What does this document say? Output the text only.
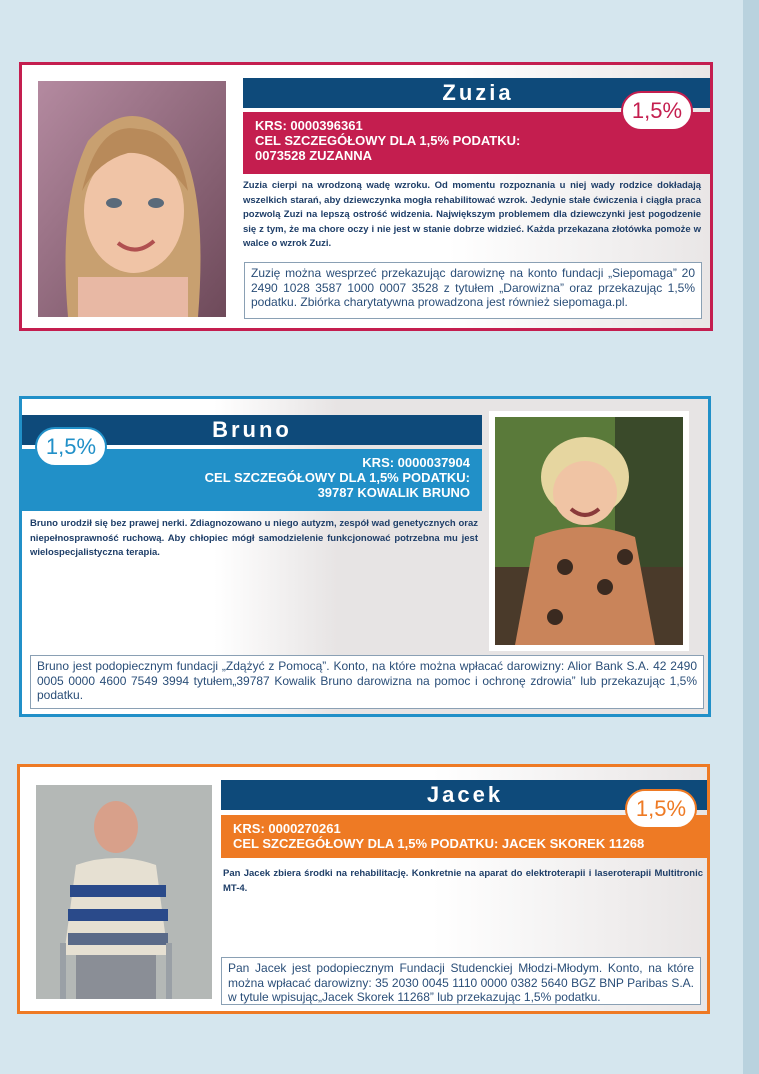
Zuzia
KRS: 0000396361
CEL SZCZEGÓŁOWY DLA 1,5% PODATKU:
0073528 ZUZANNA
1,5%
Zuzia cierpi na wrodzoną wadę wzroku. Od momentu rozpoznania u niej wady rodzice dokładają wszelkich starań, aby dziewczynka mogła rehabilitować wzrok. Jedynie stałe ćwiczenia i ciągła praca pozwolą Zuzi na lepszą ostrość widzenia. Największym problemem dla dziewczynki jest pogodzenie się z tym, że ma chore oczy i nie jest w stanie dobrze widzieć. Każda przekazana złotówka pomoże w walce o wzrok Zuzi.
Zuzię można wesprzeć przekazując darowiznę na konto fundacji „Siepomaga” 20 2490 1028 3587 1000 0007 3528 z tytułem „Darowizna” oraz przekazując 1,5% podatku. Zbiórka charytatywna prowadzona jest również siepomaga.pl.
Bruno
KRS: 0000037904
CEL SZCZEGÓŁOWY DLA 1,5% PODATKU:
39787 KOWALIK BRUNO
1,5%
Bruno urodził się bez prawej nerki. Zdiagnozowano u niego autyzm, zespół wad genetycznych oraz niepełnosprawność ruchową. Aby chłopiec mógł samodzielenie funkcjonować potrzebna mu jest wielospecjalistyczna terapia.
Bruno jest podopiecznym fundacji „Zdążyć z Pomocą”. Konto, na które można wpłacać darowizny: Alior Bank S.A. 42 2490 0005 0000 4600 7549 3994 tytułem„39787 Kowalik Bruno darowizna na pomoc i ochronę zdrowia” lub przekazując 1,5% podatku.
Jacek
KRS: 0000270261
CEL SZCZEGÓŁOWY DLA 1,5% PODATKU: JACEK SKOREK 11268
1,5%
Pan Jacek zbiera środki na rehabilitację. Konkretnie na aparat do elektroterapii i laseroterapii Multitronic MT-4.
Pan Jacek jest podopiecznym Fundacji Studenckiej Młodzi-Młodym. Konto, na które można wpłacać darowizny: 35 2030 0045 1110 0000 0382 5640 BGZ BNP Paribas S.A. w tytule wpisując„Jacek Skorek 11268” lub przekazując 1,5% podatku.
